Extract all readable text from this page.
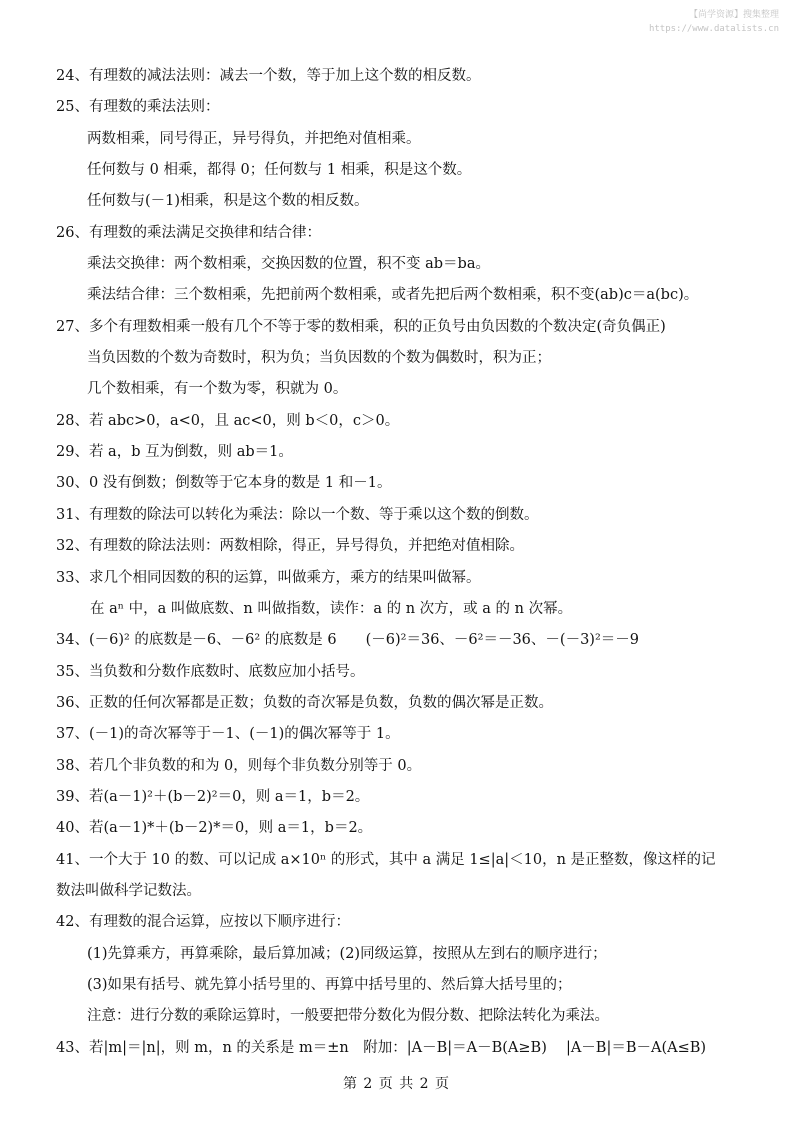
【尚学资源】搜集整理
https://www.datalists.cn
24、有理数的减法法则：减去一个数，等于加上这个数的相反数。
25、有理数的乘法法则：
两数相乘，同号得正，异号得负，并把绝对值相乘。
任何数与 0 相乘，都得 0；任何数与 1 相乘，积是这个数。
任何数与(－1)相乘，积是这个数的相反数。
26、有理数的乘法满足交换律和结合律：
乘法交换律：两个数相乘，交换因数的位置，积不变 ab＝ba。
乘法结合律：三个数相乘，先把前两个数相乘，或者先把后两个数相乘，积不变(ab)c＝a(bc)。
27、多个有理数相乘一般有几个不等于零的数相乘，积的正负号由负因数的个数决定(奇负偶正)
当负因数的个数为奇数时，积为负；当负因数的个数为偶数时，积为正；
几个数相乘，有一个数为零，积就为 0。
28、若 abc>0，a<0，且 ac<0，则 b＜0，c＞0。
29、若 a，b 互为倒数，则 ab＝1。
30、0 没有倒数；倒数等于它本身的数是 1 和－1。
31、有理数的除法可以转化为乘法：除以一个数、等于乘以这个数的倒数。
32、有理数的除法法则：两数相除，得正，异号得负，并把绝对值相除。
33、求几个相同因数的积的运算，叫做乘方，乘方的结果叫做幂。
在 aⁿ 中，a 叫做底数、n 叫做指数，读作：a 的 n 次方，或 a 的 n 次幂。
34、(－6)² 的底数是－6、－6² 的底数是 6　　(－6)²＝36、－6²＝－36、－(－3)²＝－9
35、当负数和分数作底数时、底数应加小括号。
36、正数的任何次幂都是正数；负数的奇次幂是负数，负数的偶次幂是正数。
37、(－1)的奇次幂等于－1、(－1)的偶次幂等于 1。
38、若几个非负数的和为 0，则每个非负数分别等于 0。
39、若(a－1)²＋(b－2)²＝0，则 a＝1，b＝2。
40、若(a－1)*＋(b－2)*＝0，则 a＝1，b＝2。
41、一个大于 10 的数、可以记成 a×10ⁿ 的形式，其中 a 满足 1≤|a|＜10，n 是正整数，像这样的记
数法叫做科学记数法。
42、有理数的混合运算，应按以下顺序进行：
(1)先算乘方，再算乘除，最后算加减；(2)同级运算，按照从左到右的顺序进行；
(3)如果有括号、就先算小括号里的、再算中括号里的、然后算大括号里的；
注意：进行分数的乘除运算时，一般要把带分数化为假分数、把除法转化为乘法。
43、若|m|＝|n|，则 m，n 的关系是 m＝±n　附加：|A－B|＝A－B(A≥B)　 |A－B|＝B－A(A≤B)
第 2 页 共 2 页
